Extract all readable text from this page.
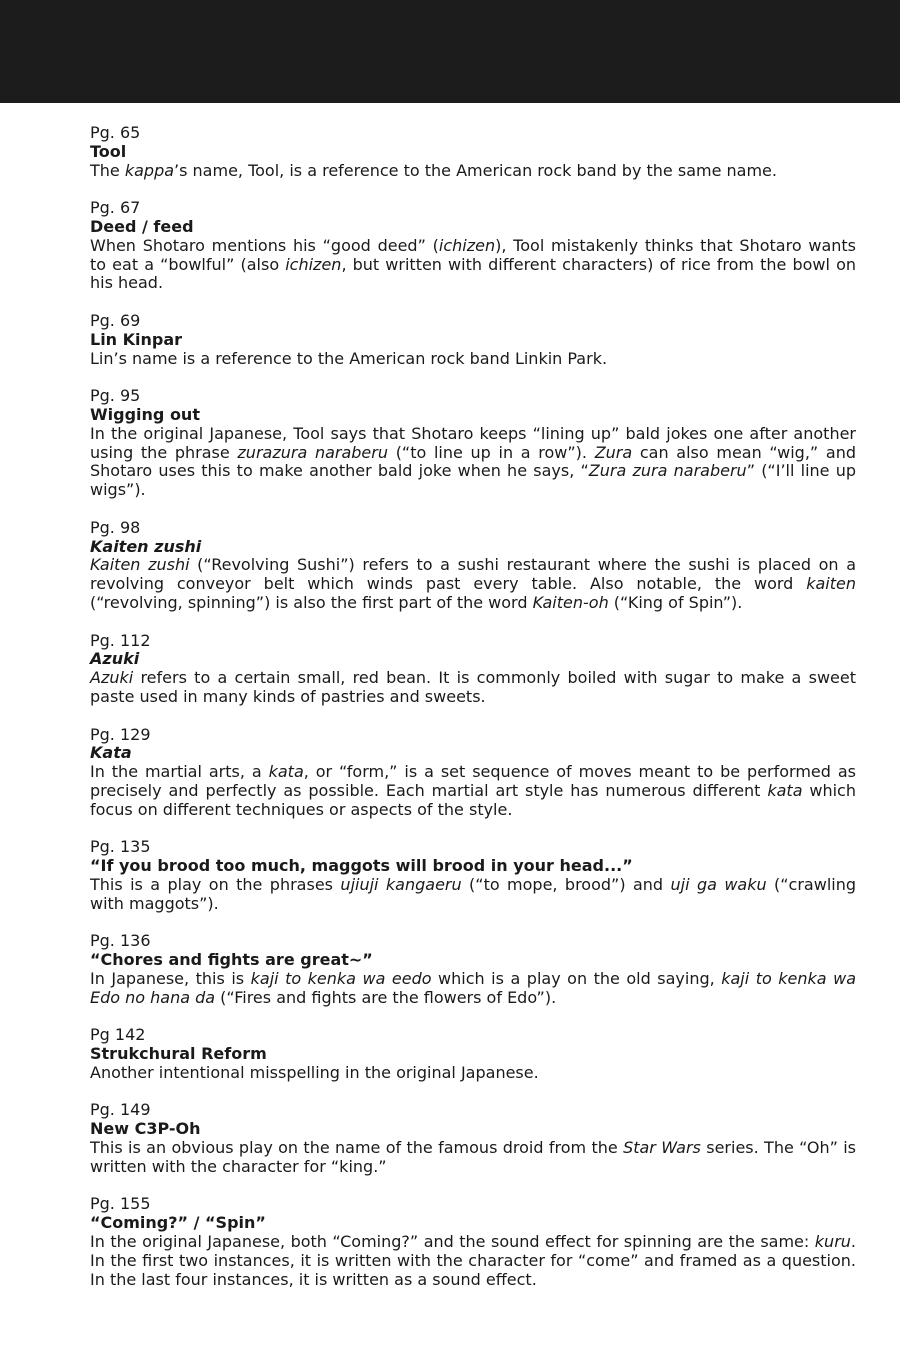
Pg. 65
Tool
The kappa’s name, Tool, is a reference to the American rock band by the same name.
Pg. 67
Deed / feed
When Shotaro mentions his “good deed” (ichizen), Tool mistakenly thinks that Shotaro wants to eat a “bowlful” (also ichizen, but written with different characters) of rice from the bowl on his head.
Pg. 69
Lin Kinpar
Lin’s name is a reference to the American rock band Linkin Park.
Pg. 95
Wigging out
In the original Japanese, Tool says that Shotaro keeps “lining up” bald jokes one after another using the phrase zurazura naraberu (“to line up in a row”). Zura can also mean “wig,” and Shotaro uses this to make another bald joke when he says, “Zura zura naraberu” (“I’ll line up wigs”).
Pg. 98
Kaiten zushi
Kaiten zushi (“Revolving Sushi”) refers to a sushi restaurant where the sushi is placed on a revolving conveyor belt which winds past every table. Also notable, the word kaiten (“revolving, spinning”) is also the first part of the word Kaiten-oh (“King of Spin”).
Pg. 112
Azuki
Azuki refers to a certain small, red bean. It is commonly boiled with sugar to make a sweet paste used in many kinds of pastries and sweets.
Pg. 129
Kata
In the martial arts, a kata, or “form,” is a set sequence of moves meant to be performed as precisely and perfectly as possible. Each martial art style has numerous different kata which focus on different techniques or aspects of the style.
Pg. 135
“If you brood too much, maggots will brood in your head...”
This is a play on the phrases ujiuji kangaeru (“to mope, brood”) and uji ga waku (“crawling with maggots”).
Pg. 136
“Chores and fights are great~”
In Japanese, this is kaji to kenka wa eedo which is a play on the old saying, kaji to kenka wa Edo no hana da (“Fires and fights are the flowers of Edo”).
Pg 142
Strukchural Reform
Another intentional misspelling in the original Japanese.
Pg. 149
New C3P-Oh
This is an obvious play on the name of the famous droid from the Star Wars series. The “Oh” is written with the character for “king.”
Pg. 155
“Coming?” / “Spin”
In the original Japanese, both “Coming?” and the sound effect for spinning are the same: kuru. In the first two instances, it is written with the character for “come” and framed as a question. In the last four instances, it is written as a sound effect.
